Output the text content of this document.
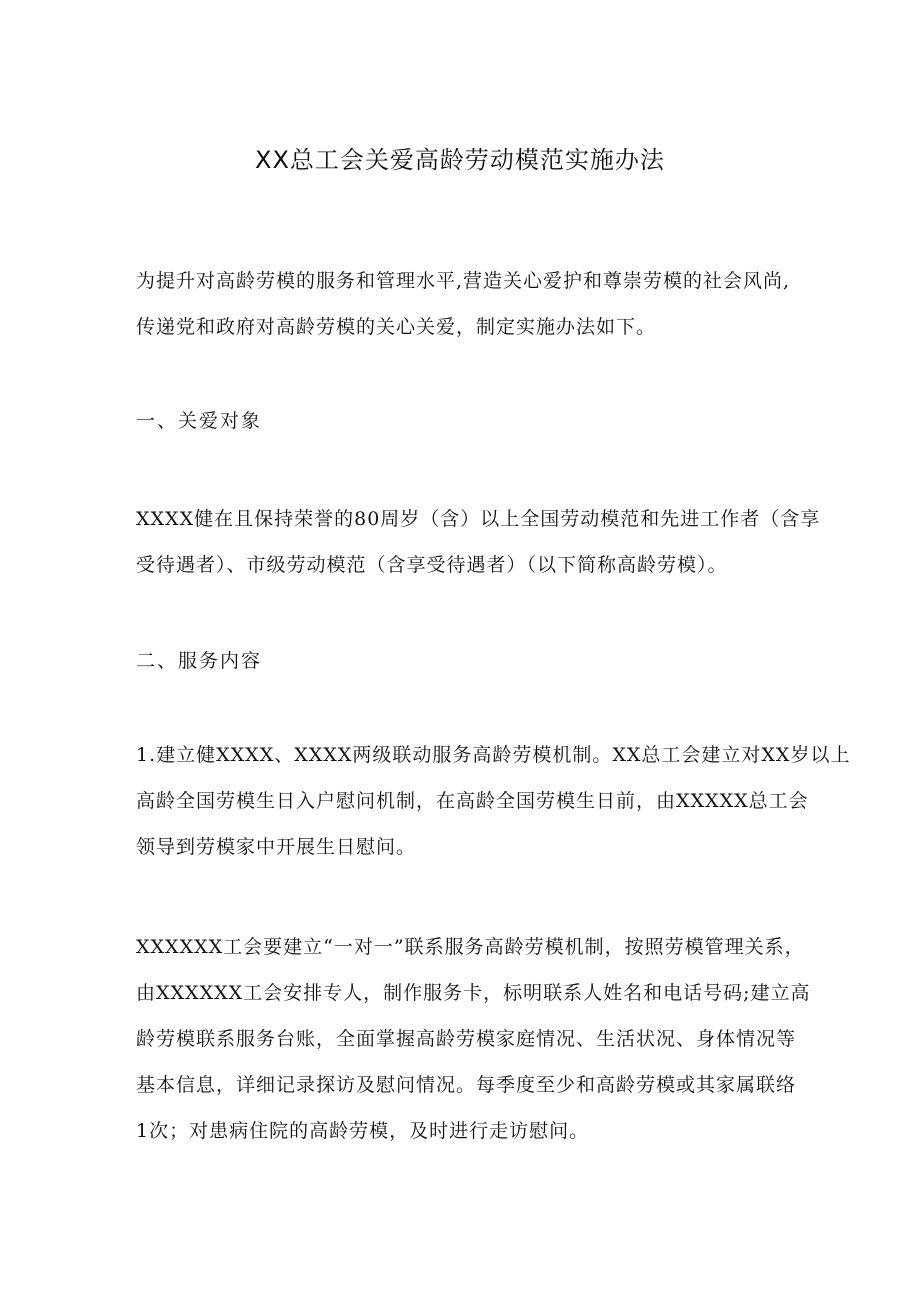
XX总工会关爱高龄劳动模范实施办法

为提升对高龄劳模的服务和管理水平,营造关心爱护和尊崇劳模的社会风尚,
传递党和政府对高龄劳模的关心关爱，制定实施办法如下。

一、关爱对象

XXXX健在且保持荣誉的80周岁（含）以上全国劳动模范和先进工作者（含享
受待遇者）、市级劳动模范（含享受待遇者）（以下简称高龄劳模）。

二、服务内容

1.建立健XXXX、XXXX两级联动服务高龄劳模机制。XX总工会建立对XX岁以上
高龄全国劳模生日入户慰问机制，在高龄全国劳模生日前，由XXXXX总工会
领导到劳模家中开展生日慰问。

XXXXXX工会要建立“一对一”联系服务高龄劳模机制，按照劳模管理关系，
由XXXXXX工会安排专人，制作服务卡，标明联系人姓名和电话号码;建立高
龄劳模联系服务台账，全面掌握高龄劳模家庭情况、生活状况、身体情况等
基本信息，详细记录探访及慰问情况。每季度至少和高龄劳模或其家属联络
1次；对患病住院的高龄劳模，及时进行走访慰问。
